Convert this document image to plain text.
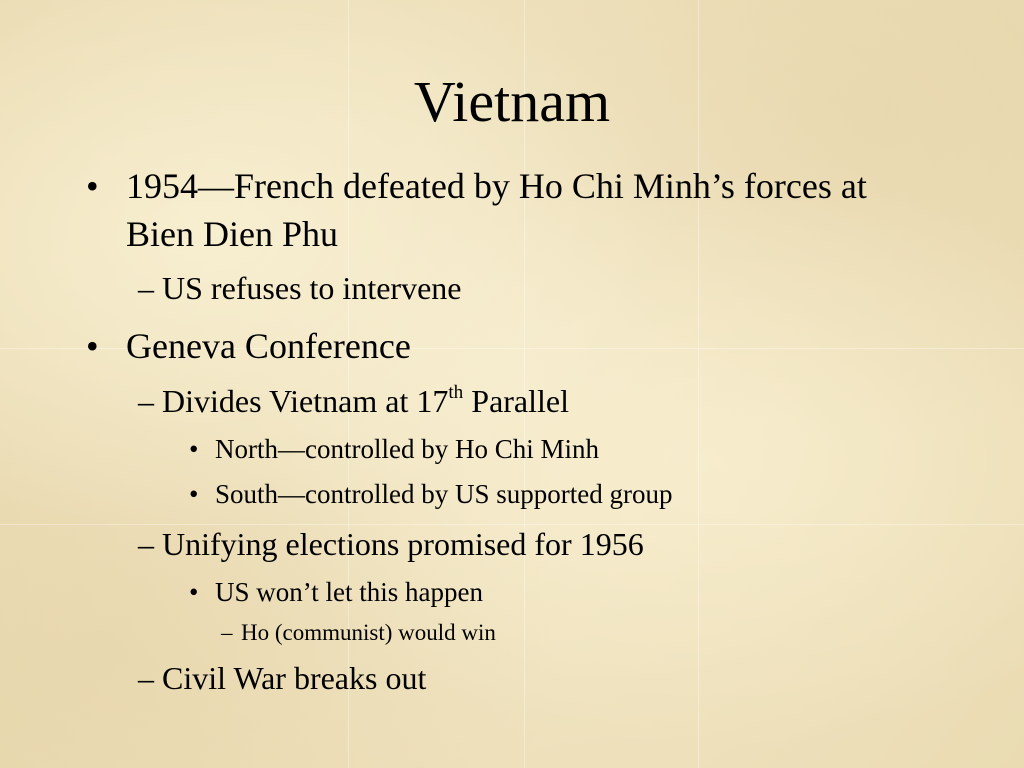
Vietnam
• 1954—French defeated by Ho Chi Minh’s forces at Bien Dien Phu
– US refuses to intervene
• Geneva Conference
– Divides Vietnam at 17th Parallel
• North—controlled by Ho Chi Minh
• South—controlled by US supported group
– Unifying elections promised for 1956
• US won’t let this happen
– Ho (communist) would win
– Civil War breaks out
